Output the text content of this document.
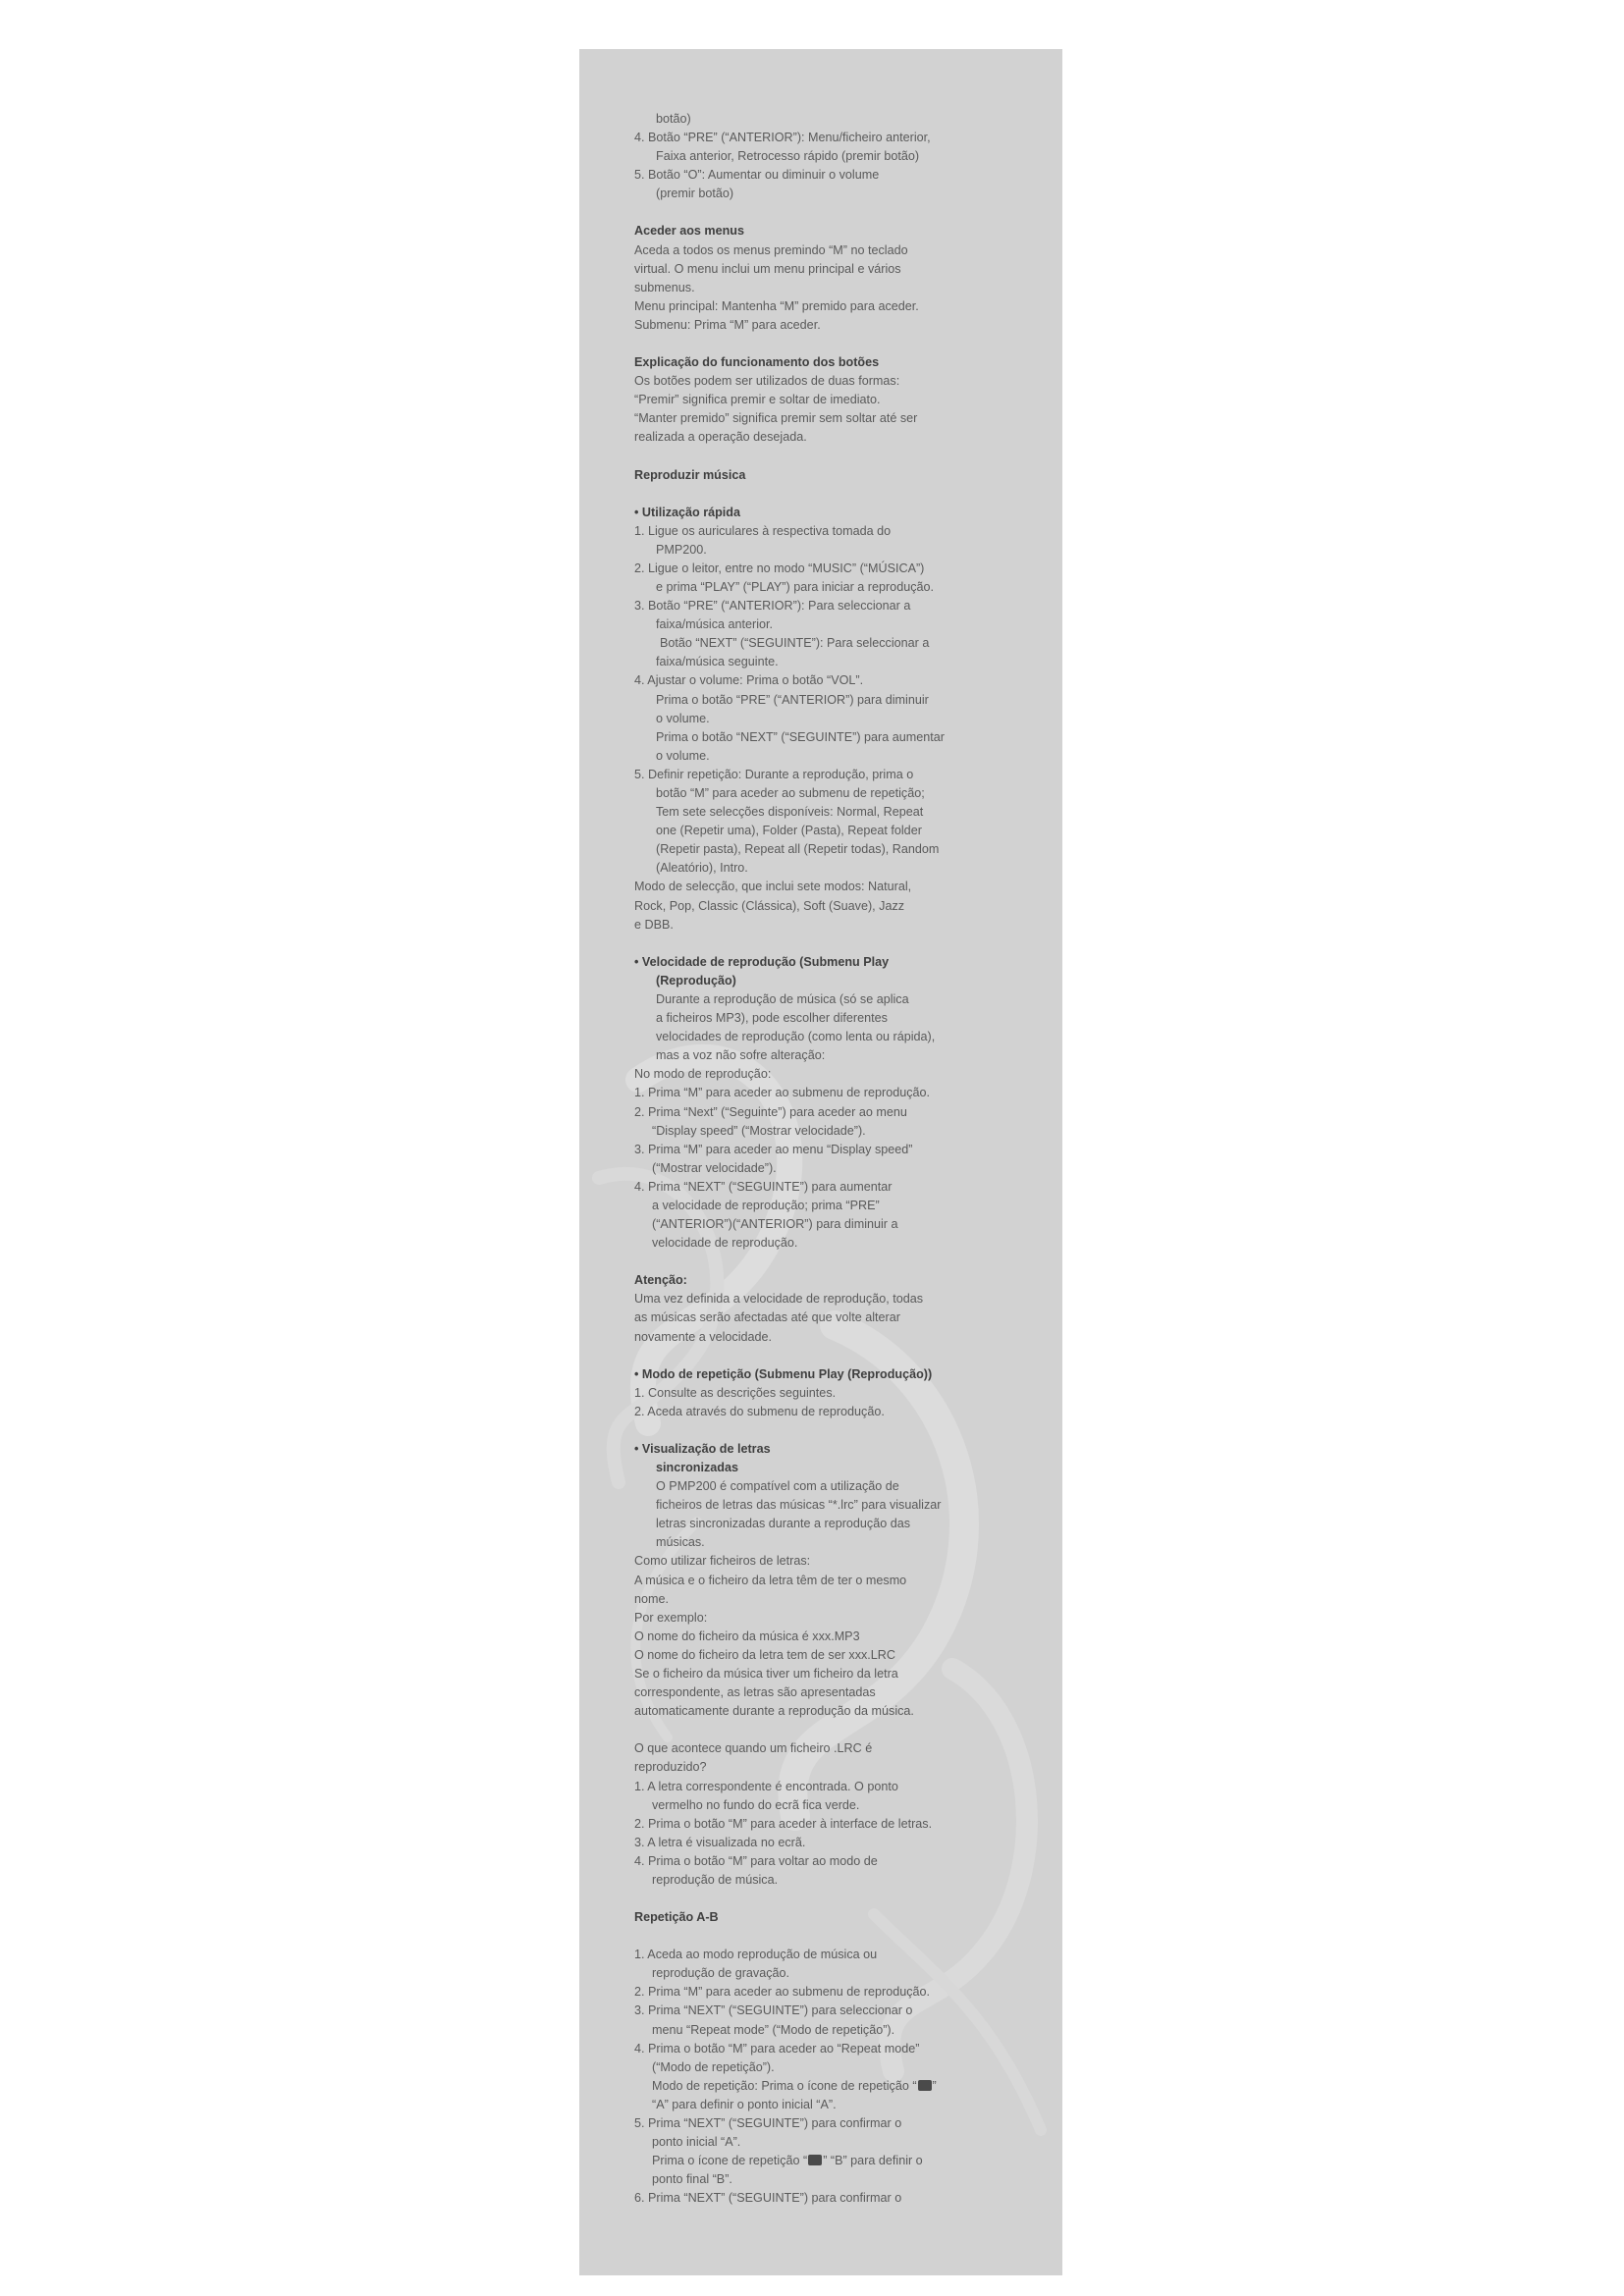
botão)
4. Botão “PRE” (“ANTERIOR”): Menu/ficheiro anterior,
Faixa anterior, Retrocesso rápido (premir botão)
5. Botão “O”: Aumentar ou diminuir o volume
(premir botão)
Aceder aos menus
Aceda a todos os menus premindo “M” no teclado
virtual. O menu inclui um menu principal e vários
submenus.
Menu principal: Mantenha “M” premido para aceder.
Submenu: Prima “M” para aceder.
Explicação do funcionamento dos botões
Os botões podem ser utilizados de duas formas:
“Premir” significa premir e soltar de imediato.
“Manter premido” significa premir sem soltar até ser
realizada a operação desejada.
Reproduzir música
• Utilização rápida
1. Ligue os auriculares à respectiva tomada do
PMP200.
2. Ligue o leitor, entre no modo “MUSIC” (“MÚSICA”)
e prima “PLAY” (“PLAY”) para iniciar a reprodução.
3. Botão “PRE” (“ANTERIOR”): Para seleccionar a
faixa/música anterior.
Botão “NEXT” (“SEGUINTE”): Para seleccionar a
faixa/música seguinte.
4. Ajustar o volume: Prima o botão “VOL”.
Prima o botão “PRE” (“ANTERIOR”) para diminuir
o volume.
Prima o botão “NEXT” (“SEGUINTE”) para aumentar
o volume.
5. Definir repetição: Durante a reprodução, prima o
botão “M” para aceder ao submenu de repetição;
Tem sete selecções disponíveis: Normal, Repeat
one (Repetir uma), Folder (Pasta), Repeat folder
(Repetir pasta), Repeat all (Repetir todas), Random
(Aleatório), Intro.
Modo de selecção, que inclui sete modos: Natural,
Rock, Pop, Classic (Clássica), Soft (Suave), Jazz
e DBB.
• Velocidade de reprodução (Submenu Play
(Reprodução)
Durante a reprodução de música (só se aplica
a ficheiros MP3), pode escolher diferentes
velocidades de reprodução (como lenta ou rápida),
mas a voz não sofre alteração:
No modo de reprodução:
1. Prima “M” para aceder ao submenu de reprodução.
2. Prima “Next” (“Seguinte”) para aceder ao menu
“Display speed” (“Mostrar velocidade”).
3. Prima “M” para aceder ao menu “Display speed”
(“Mostrar velocidade”).
4. Prima “NEXT” (“SEGUINTE”) para aumentar
a velocidade de reprodução; prima “PRE”
(“ANTERIOR”)(“ANTERIOR”) para diminuir a
velocidade de reprodução.
Atenção:
Uma vez definida a velocidade de reprodução, todas
as músicas serão afectadas até que volte alterar
novamente a velocidade.
• Modo de repetição (Submenu Play (Reprodução))
1. Consulte as descrições seguintes.
2. Aceda através do submenu de reprodução.
• Visualização de letras
sincronizadas
O PMP200 é compatível com a utilização de
ficheiros de letras das músicas “*.lrc” para visualizar
letras sincronizadas durante a reprodução das
músicas.
Como utilizar ficheiros de letras:
A música e o ficheiro da letra têm de ter o mesmo
nome.
Por exemplo:
O nome do ficheiro da música é xxx.MP3
O nome do ficheiro da letra tem de ser xxx.LRC
Se o ficheiro da música tiver um ficheiro da letra
correspondente, as letras são apresentadas
automaticamente durante a reprodução da música.
O que acontece quando um ficheiro .LRC é
reproduzido?
1. A letra correspondente é encontrada. O ponto
vermelho no fundo do ecrã fica verde.
2. Prima o botão “M” para aceder à interface de letras.
3. A letra é visualizada no ecrã.
4. Prima o botão “M” para voltar ao modo de
reprodução de música.
Repetição A-B
1. Aceda ao modo reprodução de música ou
reprodução de gravação.
2. Prima “M” para aceder ao submenu de reprodução.
3. Prima “NEXT” (“SEGUINTE”) para seleccionar o
menu “Repeat mode” (“Modo de repetição”).
4. Prima o botão “M” para aceder ao “Repeat mode”
(“Modo de repetição”).
Modo de repetição: Prima o ícone de repetição “ ”
“A” para definir o ponto inicial “A”.
5. Prima “NEXT” (“SEGUINTE”) para confirmar o
ponto inicial “A”.
Prima o ícone de repetição “ ” “B” para definir o
ponto final “B”.
6. Prima “NEXT” (“SEGUINTE”) para confirmar o
